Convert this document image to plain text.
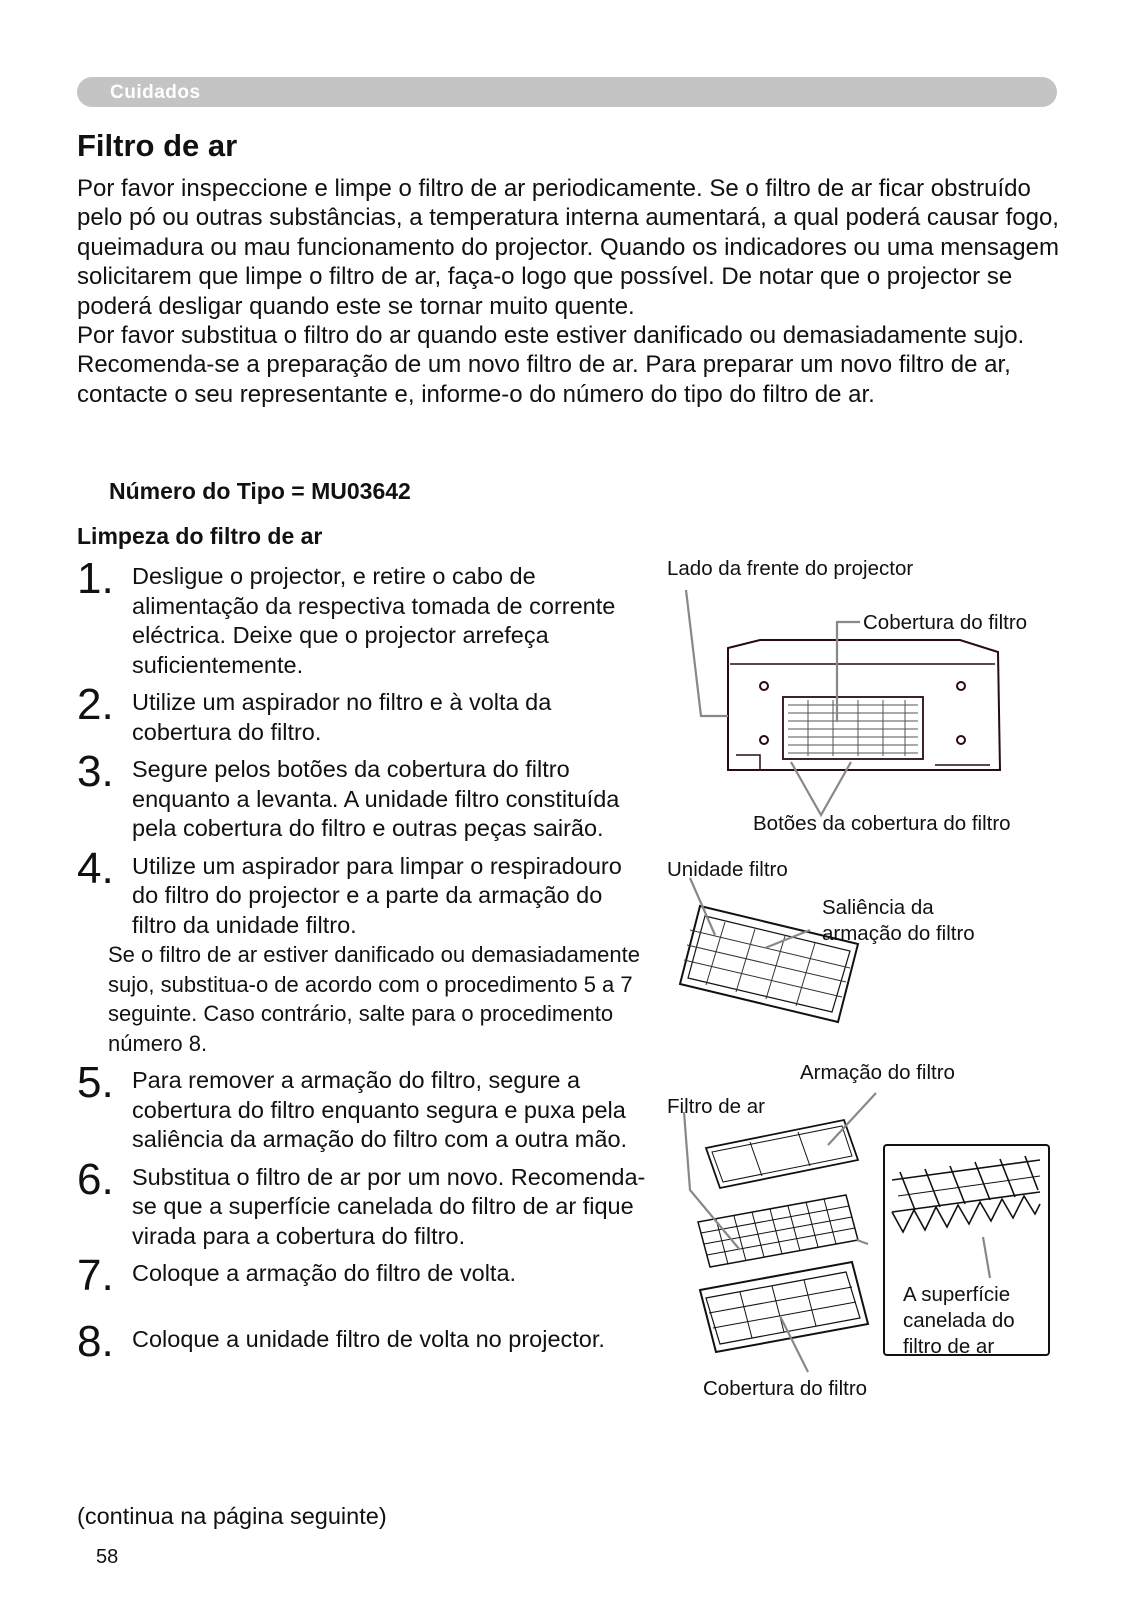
Cuidados
Filtro de ar

Por favor inspeccione e limpe o filtro de ar periodicamente. Se o filtro de ar ficar obstruído pelo pó ou outras substâncias, a temperatura interna aumentará, a qual poderá causar fogo, queimadura ou mau funcionamento do projector. Quando os indicadores ou uma mensagem solicitarem que limpe o filtro de ar, faça-o logo que possível. De notar que o projector se poderá desligar quando este se tornar muito quente.

Por favor substitua o filtro do ar quando este estiver danificado ou demasiadamente sujo. Recomenda-se a preparação de um novo filtro de ar. Para preparar um novo filtro de ar, contacte o seu representante e, informe-o do número do tipo do filtro de ar.

Número do Tipo = MU03642
Limpeza do filtro de ar
1. Desligue o projector, e retire o cabo de alimentação da respectiva tomada de corrente eléctrica. Deixe que o projector arrefeça suficientemente.
2. Utilize um aspirador no filtro e à volta da cobertura do filtro.
3. Segure pelos botões da cobertura do filtro enquanto a levanta. A unidade filtro constituída pela cobertura do filtro e outras peças sairão.
4. Utilize um aspirador para limpar o respiradouro do filtro do projector e a parte da armação do filtro da unidade filtro.
Se o filtro de ar estiver danificado ou demasiadamente sujo, substitua-o de acordo com o procedimento 5 a 7 seguinte. Caso contrário, salte para o procedimento número 8.
5. Para remover a armação do filtro, segure a cobertura do filtro enquanto segura e puxa pela saliência da armação do filtro com a outra mão.
6. Substitua o filtro de ar por um novo. Recomenda-se que a superfície canelada do filtro de ar fique virada para a cobertura do filtro.
7. Coloque a armação do filtro de volta.
8. Coloque a unidade filtro de volta no projector.
Lado da frente do projector
Cobertura do filtro
Botões da cobertura do filtro
Unidade filtro
Saliência da
armação do filtro
Armação do filtro
Filtro de ar
A superfície
canelada do
filtro de ar
Cobertura do filtro
(continua na página seguinte)
58
